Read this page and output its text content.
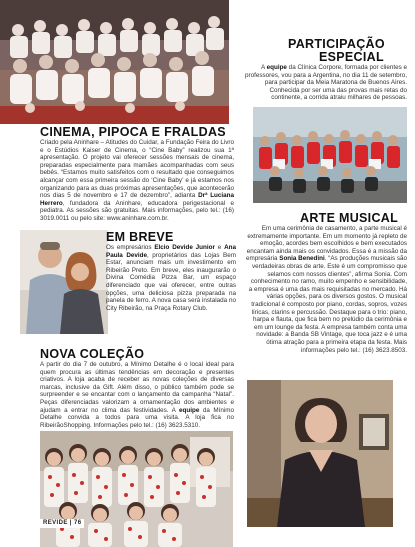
PARTICIPAÇÃO
ESPECIAL
A equipe da Clínica Corpore, formada por clientes e professores, vou para a Argentina, no dia 11 de setembro, para participar da Meia Maratona de Buenos Aires. Conhecida por ser uma das provas mais retas do continente, a corrida atraiu milhares de pessoas.
CINEMA, PIPOCA E FRALDAS
Criado pela Aninhare – Atitudes do Cuidar, a Fundação Feira do Livro e o Estúdios Kaiser de Cinema, o “Cine Baby” realizou sua 1ª apresentação. O projeto vai oferecer sessões mensais de cinema, preparadas especialmente para mamães acompanhadas com seus bebês. “Estamos muito satisfeitos com o resultado que conseguimos alcançar com essa primeira sessão do ‘Cine Baby’ e já estamos nos organizando para as duas próximas apresentações, que acontecerão nos dias 5 de novembro e 17 de dezembro”, adianta Drª Luciana Herrero, fundadora da Aninhare, educadora perigestacional e pediatra. As sessões são gratuitas. Mais informações, pelo tel.: (16) 3019.0011 ou pelo site: www.aninhare.com.br.
EM BREVE
Os empresários Elcio Devide Junior e Ana Paula Devide, proprietários das Lojas Bem Estar, anunciam mais um investimento em Ribeirão Preto. Em breve, eles inaugurarão o Divina Comédia Pizza Bar, um espaço diferenciado que vai oferecer, entre outras opções, uma deliciosa pizza preparada na panela de ferro. A nova casa será instalada no City Ribeirão, na Praça Rotary Club.
ARTE MUSICAL
Em uma cerimônia de casamento, a parte musical é extremamente importante. Em um momento já repleto de emoção, acordes bem escolhidos e bem executados encantam ainda mais os convidados. Essa é a missão da empresária Sonia Benedini. “As produções musicais são verdadeiras obras de arte. Este é um compromisso que selamos com nossos clientes”, afirma Sonia. Com conhecimento no ramo, muito empenho e sensibilidade, a empresa é uma das mais requisitadas no mercado. Há várias opções, para os diversos gostos. O musical tradicional é composto por piano, cordas, sopros, vozes líricas, clarins e percussão. Destaque para o trio: piano, harpa e flauta, que fica bem no prelúdio da cerimônia e em um lounge da festa. A empresa também conta uma novidade: a Banda SB Vintage, que toca jazz e é uma ótima atração para a primeira etapa da festa. Mais informações pelo tel.: (16) 3623.8503.
NOVA COLEÇÃO
A partir do dia 7 de outubro, a Mínimo Detalhe é o local ideal para quem procura as últimas tendências em decoração e presentes criativos. A loja acaba de receber as novas coleções de diversas marcas, inclusive da Gift. Além disso, o público também pode se surpreender e se encantar com o lançamento da campanha “Natal”. Peças diferenciadas valorizam a ornamentação dos ambientes e ajudam a entrar no clima das festividades. A equipe da Mínimo Detalhe convida a todos para uma visita. A loja fica no RibeirãoShopping. Informações pelo tel.: (16) 3623.5310.
REVIDE | 76
